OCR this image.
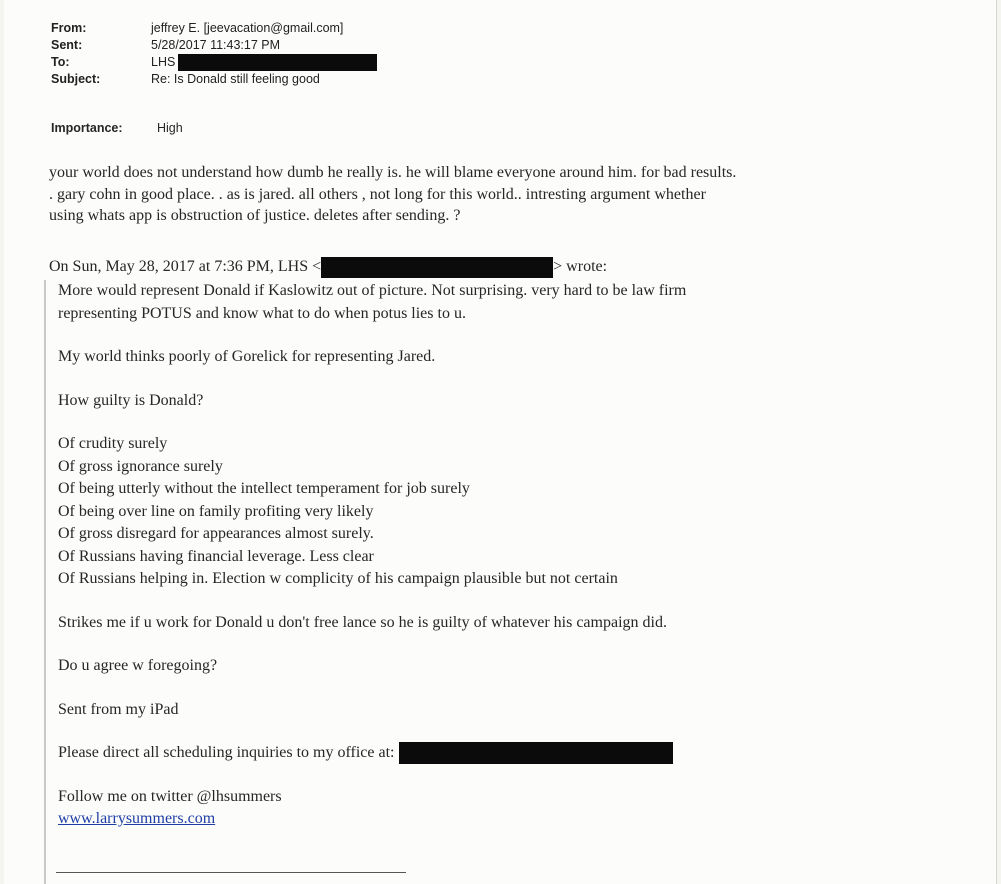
From:	jeffrey E. [jeevacation@gmail.com]
Sent:	5/28/2017 11:43:17 PM
To:	LHS
Subject:	Re: Is Donald still feeling good
Importance:	High

your world does not understand how dumb he really is. he will blame everyone around him. for bad results.

. gary cohn in good place. . as is jared. all others , not long for this world.. intresting argument whether

using whats app is obstruction of justice. deletes after sending. ?

On Sun, May 28, 2017 at 7:36 PM, LHS <	> wrote:

More would represent Donald if Kaslowitz out of picture. Not surprising. very hard to be law firm

representing POTUS and know what to do when potus lies to u.

My world thinks poorly of Gorelick for representing Jared.

How guilty is Donald?

Of crudity surely

Of gross ignorance surely

Of being utterly without the intellect temperament for job surely

Of being over line on family profiting very likely

Of gross disregard for appearances almost surely.

Of Russians having financial leverage. Less clear

Of Russians helping in. Election w complicity of his campaign plausible but not certain

Strikes me if u work for Donald u don't free lance so he is guilty of whatever his campaign did.

Do u agree w foregoing?

Sent from my iPad

Please direct all scheduling inquiries to my office at:

Follow me on twitter @lhsummers

www.larrysummers.com
